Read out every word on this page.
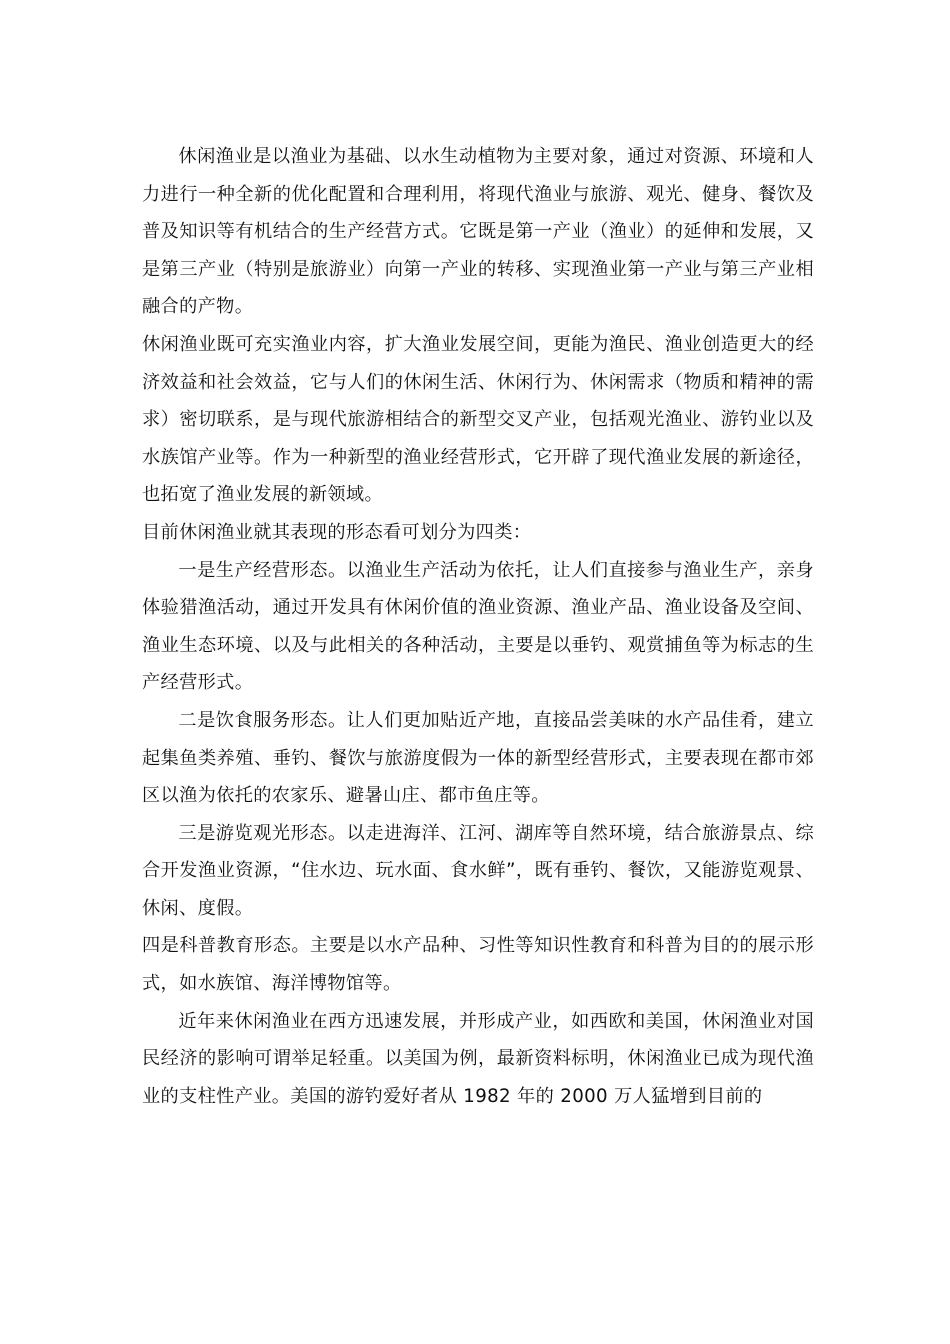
休闲渔业是以渔业为基础、以水生动植物为主要对象，通过对资源、环境和人力进行一种全新的优化配置和合理利用，将现代渔业与旅游、观光、健身、餐饮及普及知识等有机结合的生产经营方式。它既是第一产业（渔业）的延伸和发展，又是第三产业（特别是旅游业）向第一产业的转移、实现渔业第一产业与第三产业相融合的产物。

休闲渔业既可充实渔业内容，扩大渔业发展空间，更能为渔民、渔业创造更大的经济效益和社会效益，它与人们的休闲生活、休闲行为、休闲需求（物质和精神的需求）密切联系，是与现代旅游相结合的新型交叉产业，包括观光渔业、游钓业以及水族馆产业等。作为一种新型的渔业经营形式，它开辟了现代渔业发展的新途径，也拓宽了渔业发展的新领域。

目前休闲渔业就其表现的形态看可划分为四类：

一是生产经营形态。以渔业生产活动为依托，让人们直接参与渔业生产，亲身体验猎渔活动，通过开发具有休闲价值的渔业资源、渔业产品、渔业设备及空间、渔业生态环境、以及与此相关的各种活动，主要是以垂钓、观赏捕鱼等为标志的生产经营形式。

二是饮食服务形态。让人们更加贴近产地，直接品尝美味的水产品佳肴，建立起集鱼类养殖、垂钓、餐饮与旅游度假为一体的新型经营形式，主要表现在都市郊区以渔为依托的农家乐、避暑山庄、都市鱼庄等。

三是游览观光形态。以走进海洋、江河、湖库等自然环境，结合旅游景点、综合开发渔业资源，“住水边、玩水面、食水鲜”，既有垂钓、餐饮，又能游览观景、休闲、度假。

四是科普教育形态。主要是以水产品种、习性等知识性教育和科普为目的的展示形式，如水族馆、海洋博物馆等。

近年来休闲渔业在西方迅速发展，并形成产业，如西欧和美国，休闲渔业对国民经济的影响可谓举足轻重。以美国为例，最新资料标明，休闲渔业已成为现代渔业的支柱性产业。美国的游钓爱好者从 1982 年的 2000 万人猛增到目前的
